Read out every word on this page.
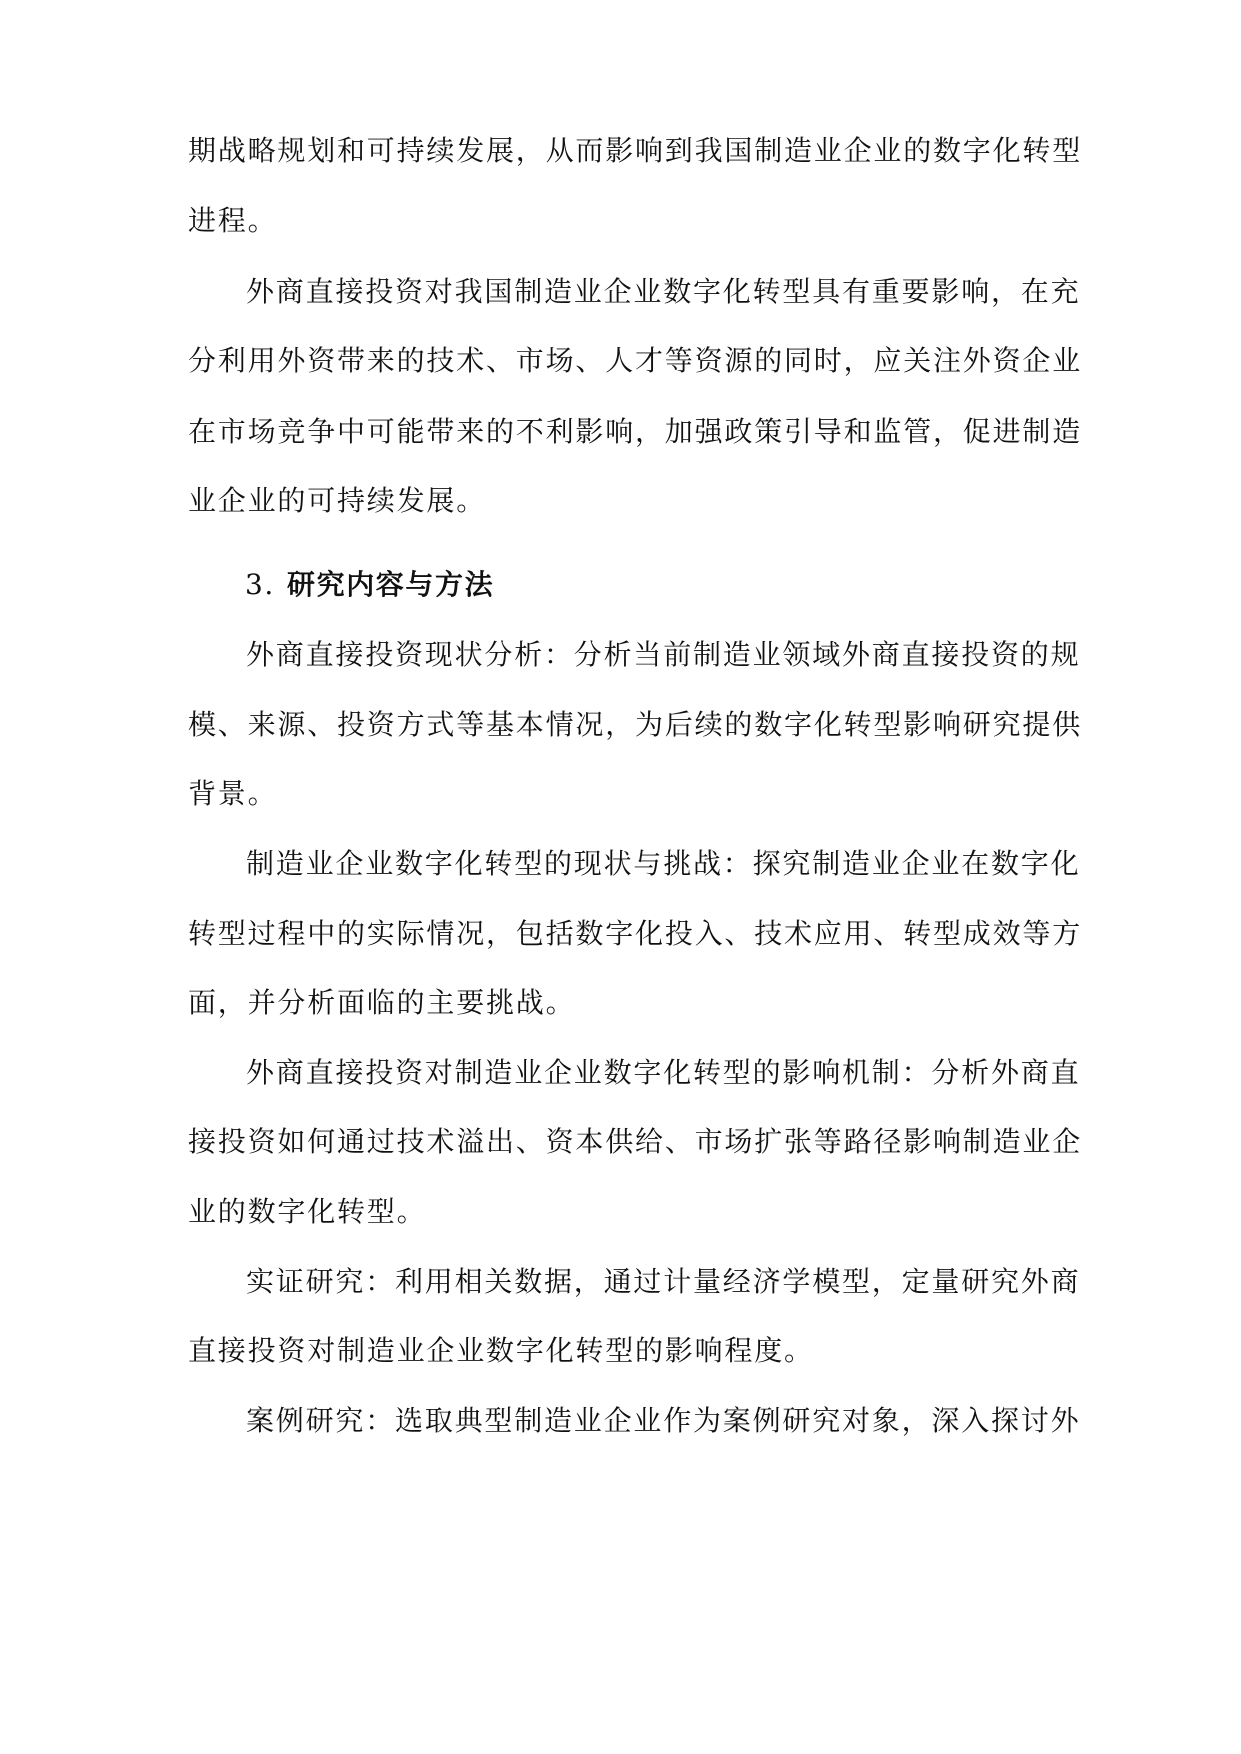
期战略规划和可持续发展，从而影响到我国制造业企业的数字化转型
进程。
外商直接投资对我国制造业企业数字化转型具有重要影响，在充
分利用外资带来的技术、市场、人才等资源的同时，应关注外资企业
在市场竞争中可能带来的不利影响，加强政策引导和监管，促进制造
业企业的可持续发展。
3. 研究内容与方法
外商直接投资现状分析：分析当前制造业领域外商直接投资的规
模、来源、投资方式等基本情况，为后续的数字化转型影响研究提供
背景。
制造业企业数字化转型的现状与挑战：探究制造业企业在数字化
转型过程中的实际情况，包括数字化投入、技术应用、转型成效等方
面，并分析面临的主要挑战。
外商直接投资对制造业企业数字化转型的影响机制：分析外商直
接投资如何通过技术溢出、资本供给、市场扩张等路径影响制造业企
业的数字化转型。
实证研究：利用相关数据，通过计量经济学模型，定量研究外商
直接投资对制造业企业数字化转型的影响程度。
案例研究：选取典型制造业企业作为案例研究对象，深入探讨外
